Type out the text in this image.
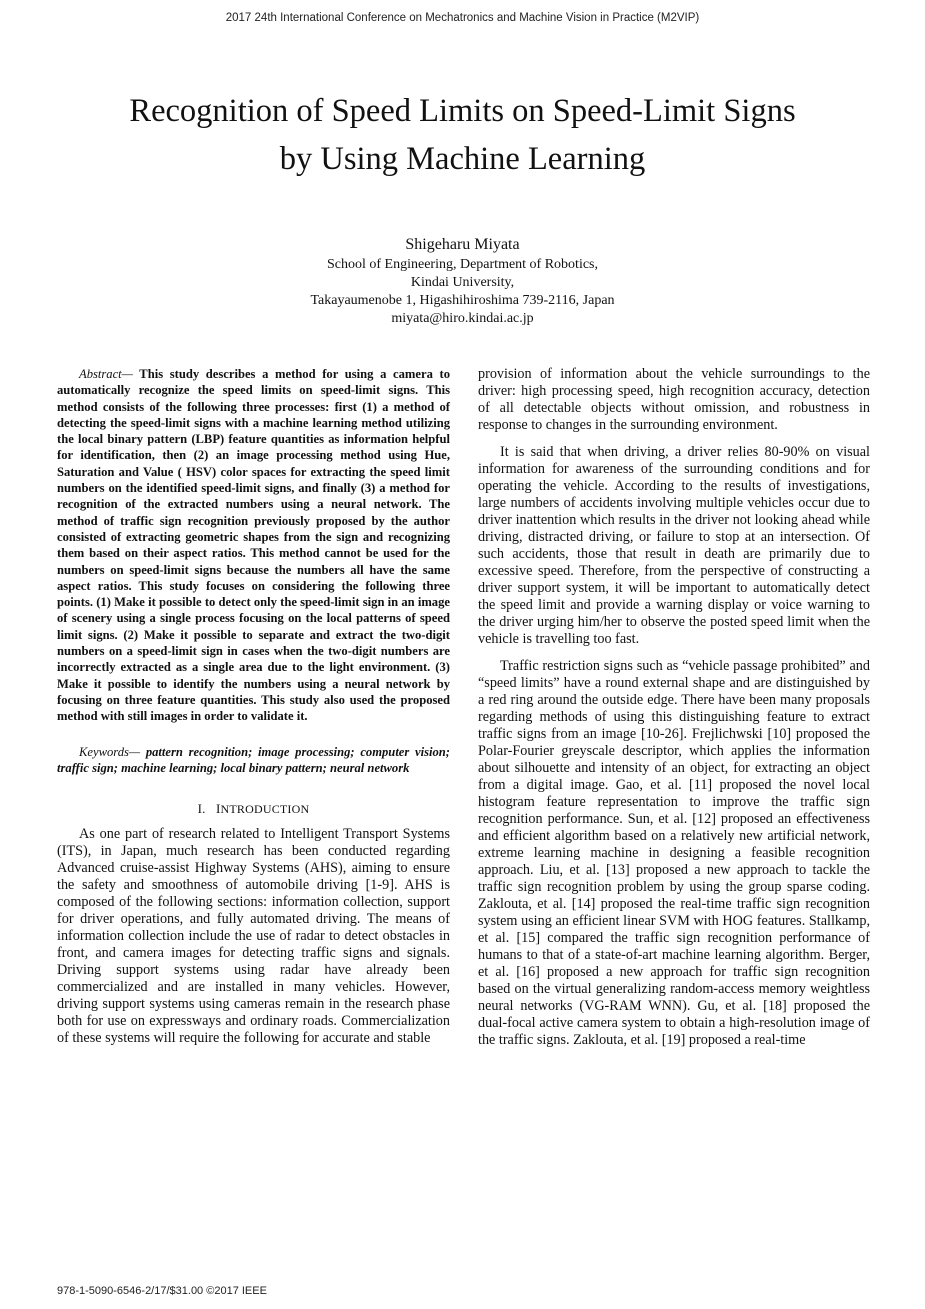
2017 24th International Conference on Mechatronics and Machine Vision in Practice (M2VIP)
Recognition of Speed Limits on Speed-Limit Signs
by Using Machine Learning
Shigeharu Miyata
School of Engineering, Department of Robotics,
Kindai University,
Takayaumenobe 1, Higashihiroshima 739-2116, Japan
miyata@hiro.kindai.ac.jp

Abstract— This study describes a method for using a camera to automatically recognize the speed limits on speed-limit signs. This method consists of the following three processes: first (1) a method of detecting the speed-limit signs with a machine learning method utilizing the local binary pattern (LBP) feature quantities as information helpful for identification, then (2) an image processing method using Hue, Saturation and Value ( HSV) color spaces for extracting the speed limit numbers on the identified speed-limit signs, and finally (3) a method for recognition of the extracted numbers using a neural network. The method of traffic sign recognition previously proposed by the author consisted of extracting geometric shapes from the sign and recognizing them based on their aspect ratios. This method cannot be used for the numbers on speed-limit signs because the numbers all have the same aspect ratios. This study focuses on considering the following three points. (1) Make it possible to detect only the speed-limit sign in an image of scenery using a single process focusing on the local patterns of speed limit signs. (2) Make it possible to separate and extract the two-digit numbers on a speed-limit sign in cases when the two-digit numbers are incorrectly extracted as a single area due to the light environment. (3) Make it possible to identify the numbers using a neural network by focusing on three feature quantities. This study also used the proposed method with still images in order to validate it.

Keywords— pattern recognition; image processing; computer vision; traffic sign; machine learning; local binary pattern; neural network

I. INTRODUCTION

As one part of research related to Intelligent Transport Systems (ITS), in Japan, much research has been conducted regarding Advanced cruise-assist Highway Systems (AHS), aiming to ensure the safety and smoothness of automobile driving [1-9]. AHS is composed of the following sections: information collection, support for driver operations, and fully automated driving. The means of information collection include the use of radar to detect obstacles in front, and camera images for detecting traffic signs and signals. Driving support systems using radar have already been commercialized and are installed in many vehicles. However, driving support systems using cameras remain in the research phase both for use on expressways and ordinary roads. Commercialization of these systems will require the following for accurate and stable

provision of information about the vehicle surroundings to the driver: high processing speed, high recognition accuracy, detection of all detectable objects without omission, and robustness in response to changes in the surrounding environment.

It is said that when driving, a driver relies 80-90% on visual information for awareness of the surrounding conditions and for operating the vehicle. According to the results of investigations, large numbers of accidents involving multiple vehicles occur due to driver inattention which results in the driver not looking ahead while driving, distracted driving, or failure to stop at an intersection. Of such accidents, those that result in death are primarily due to excessive speed. Therefore, from the perspective of constructing a driver support system, it will be important to automatically detect the speed limit and provide a warning display or voice warning to the driver urging him/her to observe the posted speed limit when the vehicle is travelling too fast.

Traffic restriction signs such as “vehicle passage prohibited” and “speed limits” have a round external shape and are distinguished by a red ring around the outside edge. There have been many proposals regarding methods of using this distinguishing feature to extract traffic signs from an image [10-26]. Frejlichwski [10] proposed the Polar-Fourier greyscale descriptor, which applies the information about silhouette and intensity of an object, for extracting an object from a digital image. Gao, et al. [11] proposed the novel local histogram feature representation to improve the traffic sign recognition performance. Sun, et al. [12] proposed an effectiveness and efficient algorithm based on a relatively new artificial network, extreme learning machine in designing a feasible recognition approach. Liu, et al. [13] proposed a new approach to tackle the traffic sign recognition problem by using the group sparse coding. Zaklouta, et al. [14] proposed the real-time traffic sign recognition system using an efficient linear SVM with HOG features. Stallkamp, et al. [15] compared the traffic sign recognition performance of humans to that of a state-of-art machine learning algorithm. Berger, et al. [16] proposed a new approach for traffic sign recognition based on the virtual generalizing random-access memory weightless neural networks (VG-RAM WNN). Gu, et al. [18] proposed the dual-focal active camera system to obtain a high-resolution image of the traffic signs. Zaklouta, et al. [19] proposed a real-time

978-1-5090-6546-2/17/$31.00 ©2017 IEEE
